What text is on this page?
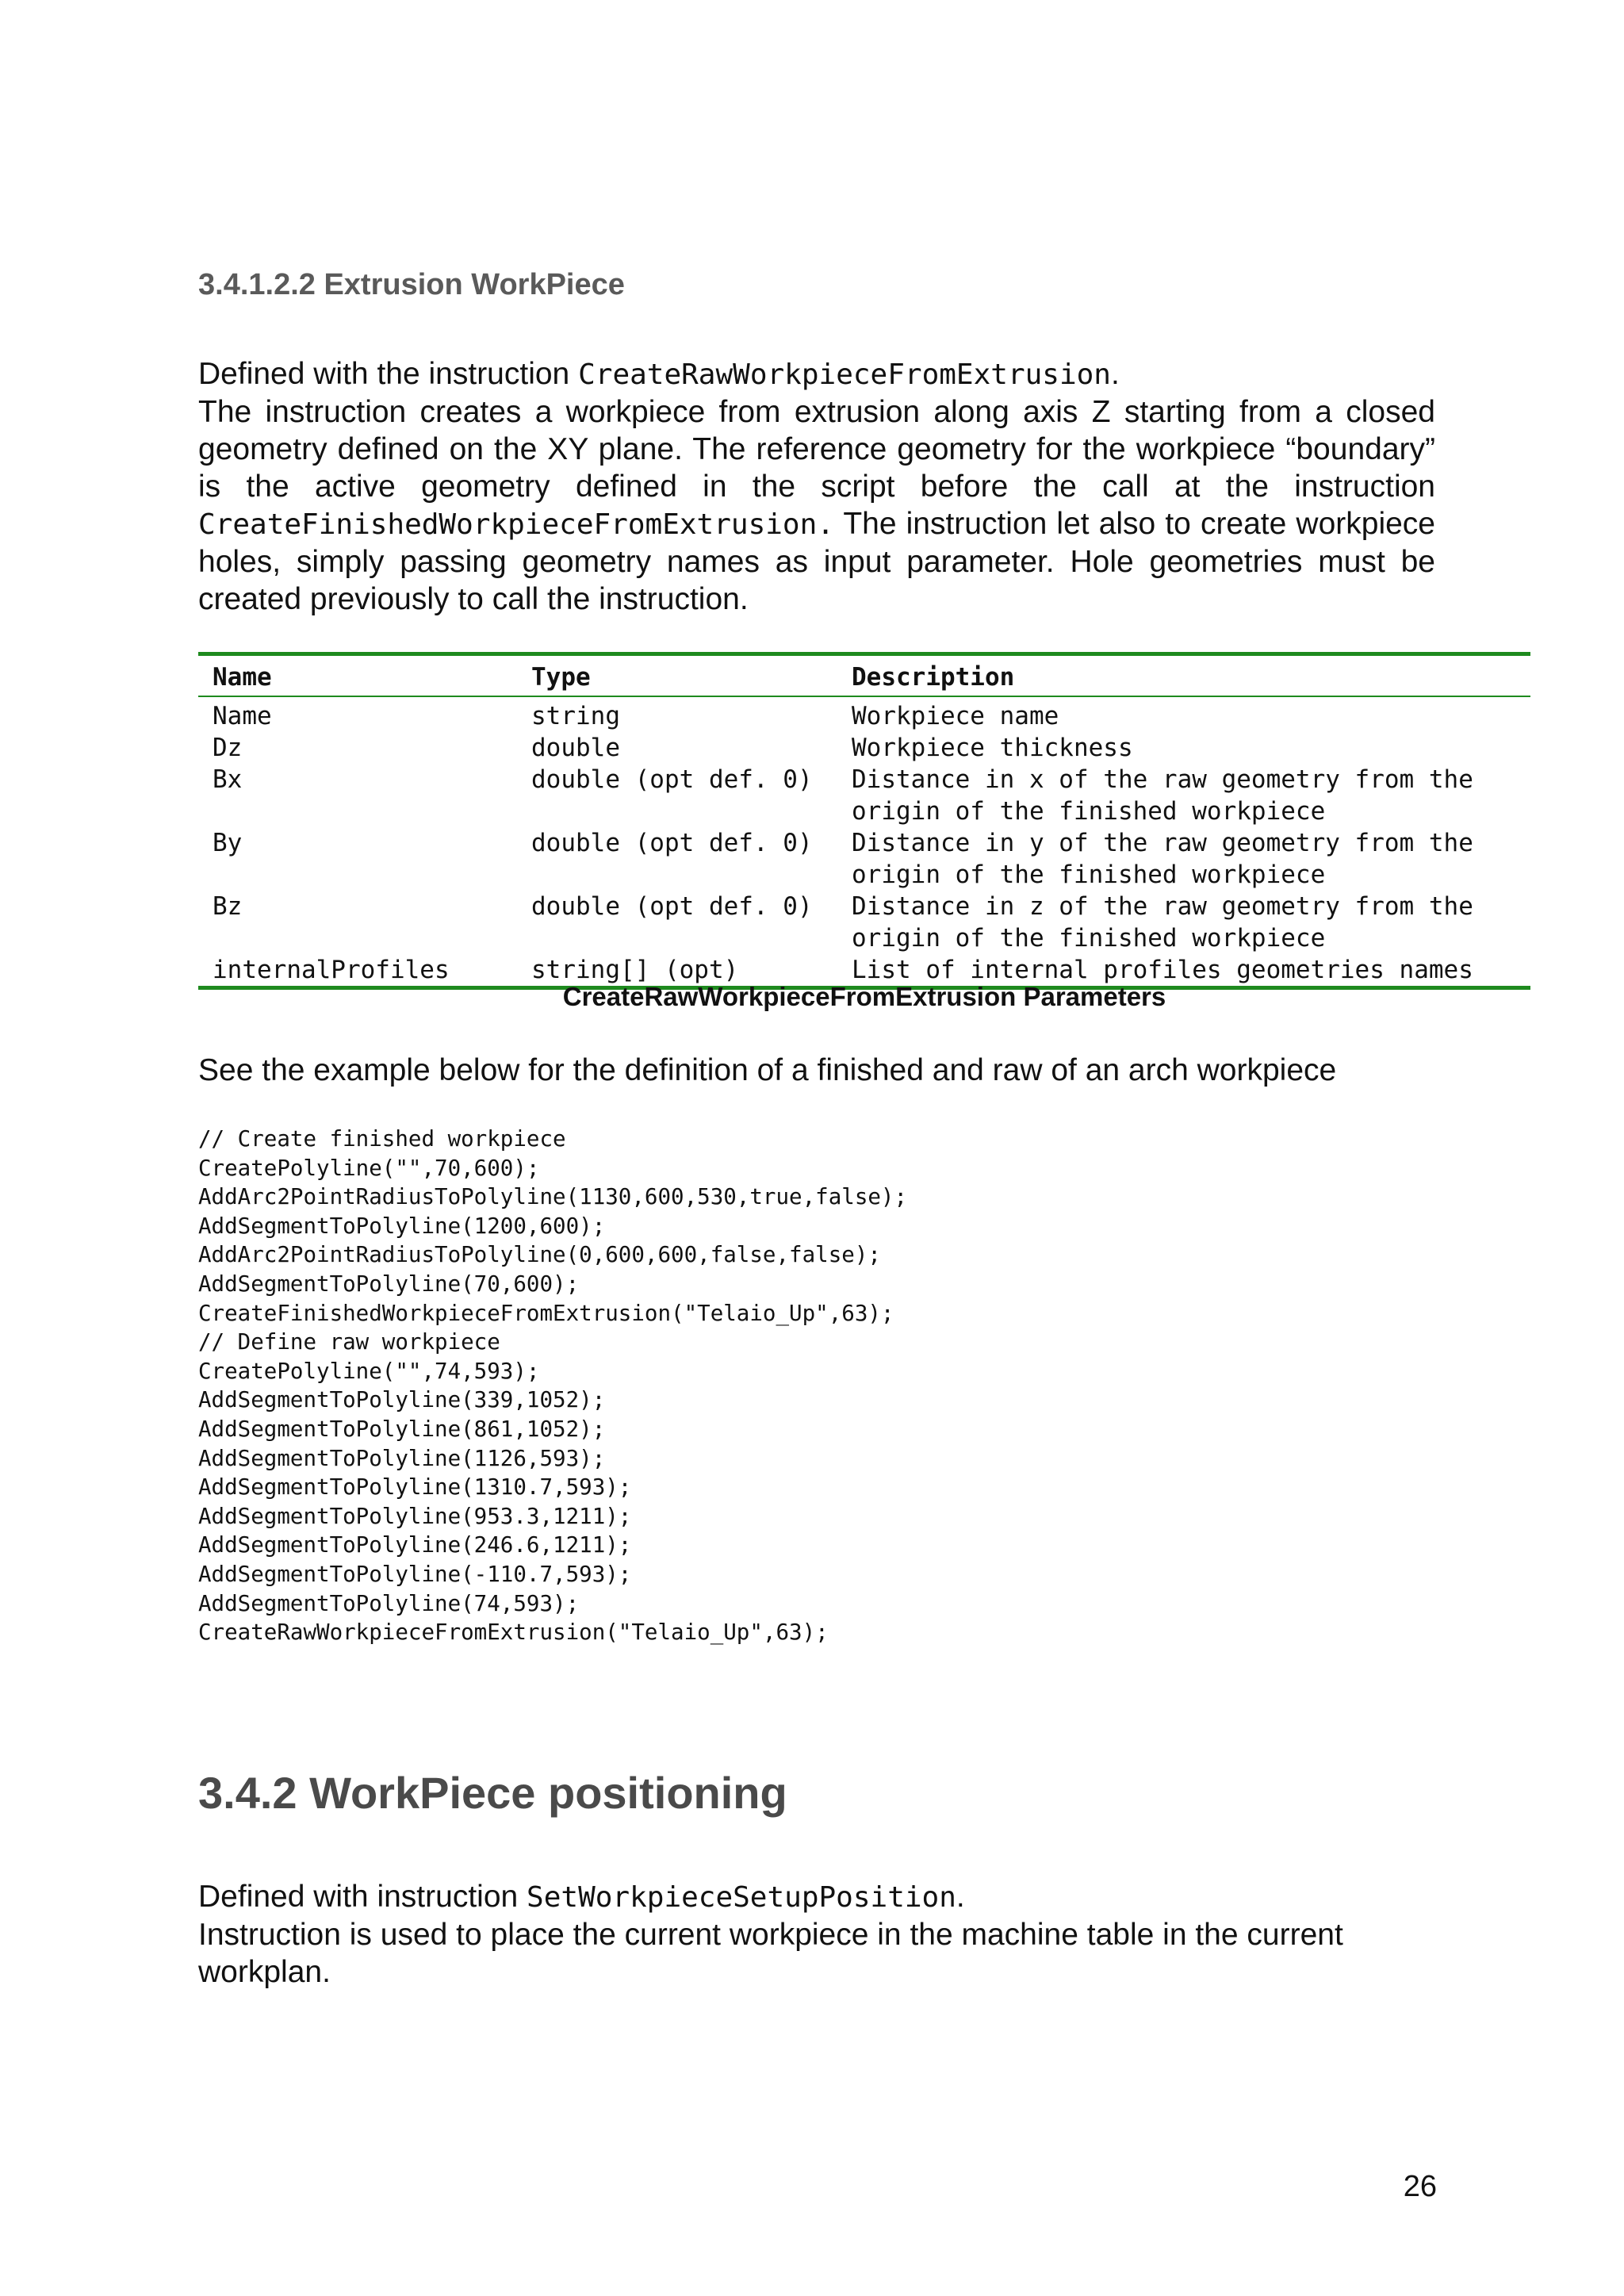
3.4.1.2.2 Extrusion WorkPiece

Defined with the instruction CreateRawWorkpieceFromExtrusion.
The instruction creates a workpiece from extrusion along axis Z starting from a closed geometry defined on the XY plane. The reference geometry for the workpiece “boundary” is the active geometry defined in the script before the call at the instruction CreateFinishedWorkpieceFromExtrusion. The instruction let also to create workpiece holes, simply passing geometry names as input parameter. Hole geometries must be created previously to call the instruction.

Name	Type	Description
Name	string	Workpiece name
Dz	double	Workpiece thickness
Bx	double (opt def. 0)	Distance in x of the raw geometry from the origin of the finished workpiece
By	double (opt def. 0)	Distance in y of the raw geometry from the origin of the finished workpiece
Bz	double (opt def. 0)	Distance in z of the raw geometry from the origin of the finished workpiece
internalProfiles	string[] (opt)	List of internal profiles geometries names

CreateRawWorkpieceFromExtrusion Parameters

See the example below for the definition of a finished and raw of an arch workpiece

// Create finished workpiece
CreatePolyline("",70,600);
AddArc2PointRadiusToPolyline(1130,600,530,true,false);
AddSegmentToPolyline(1200,600);
AddArc2PointRadiusToPolyline(0,600,600,false,false);
AddSegmentToPolyline(70,600);
CreateFinishedWorkpieceFromExtrusion("Telaio_Up",63);
// Define raw workpiece
CreatePolyline("",74,593);
AddSegmentToPolyline(339,1052);
AddSegmentToPolyline(861,1052);
AddSegmentToPolyline(1126,593);
AddSegmentToPolyline(1310.7,593);
AddSegmentToPolyline(953.3,1211);
AddSegmentToPolyline(246.6,1211);
AddSegmentToPolyline(-110.7,593);
AddSegmentToPolyline(74,593);
CreateRawWorkpieceFromExtrusion("Telaio_Up",63);
3.4.2 WorkPiece positioning

Defined with instruction SetWorkpieceSetupPosition.
Instruction is used to place the current workpiece in the machine table in the current workplan.

26
